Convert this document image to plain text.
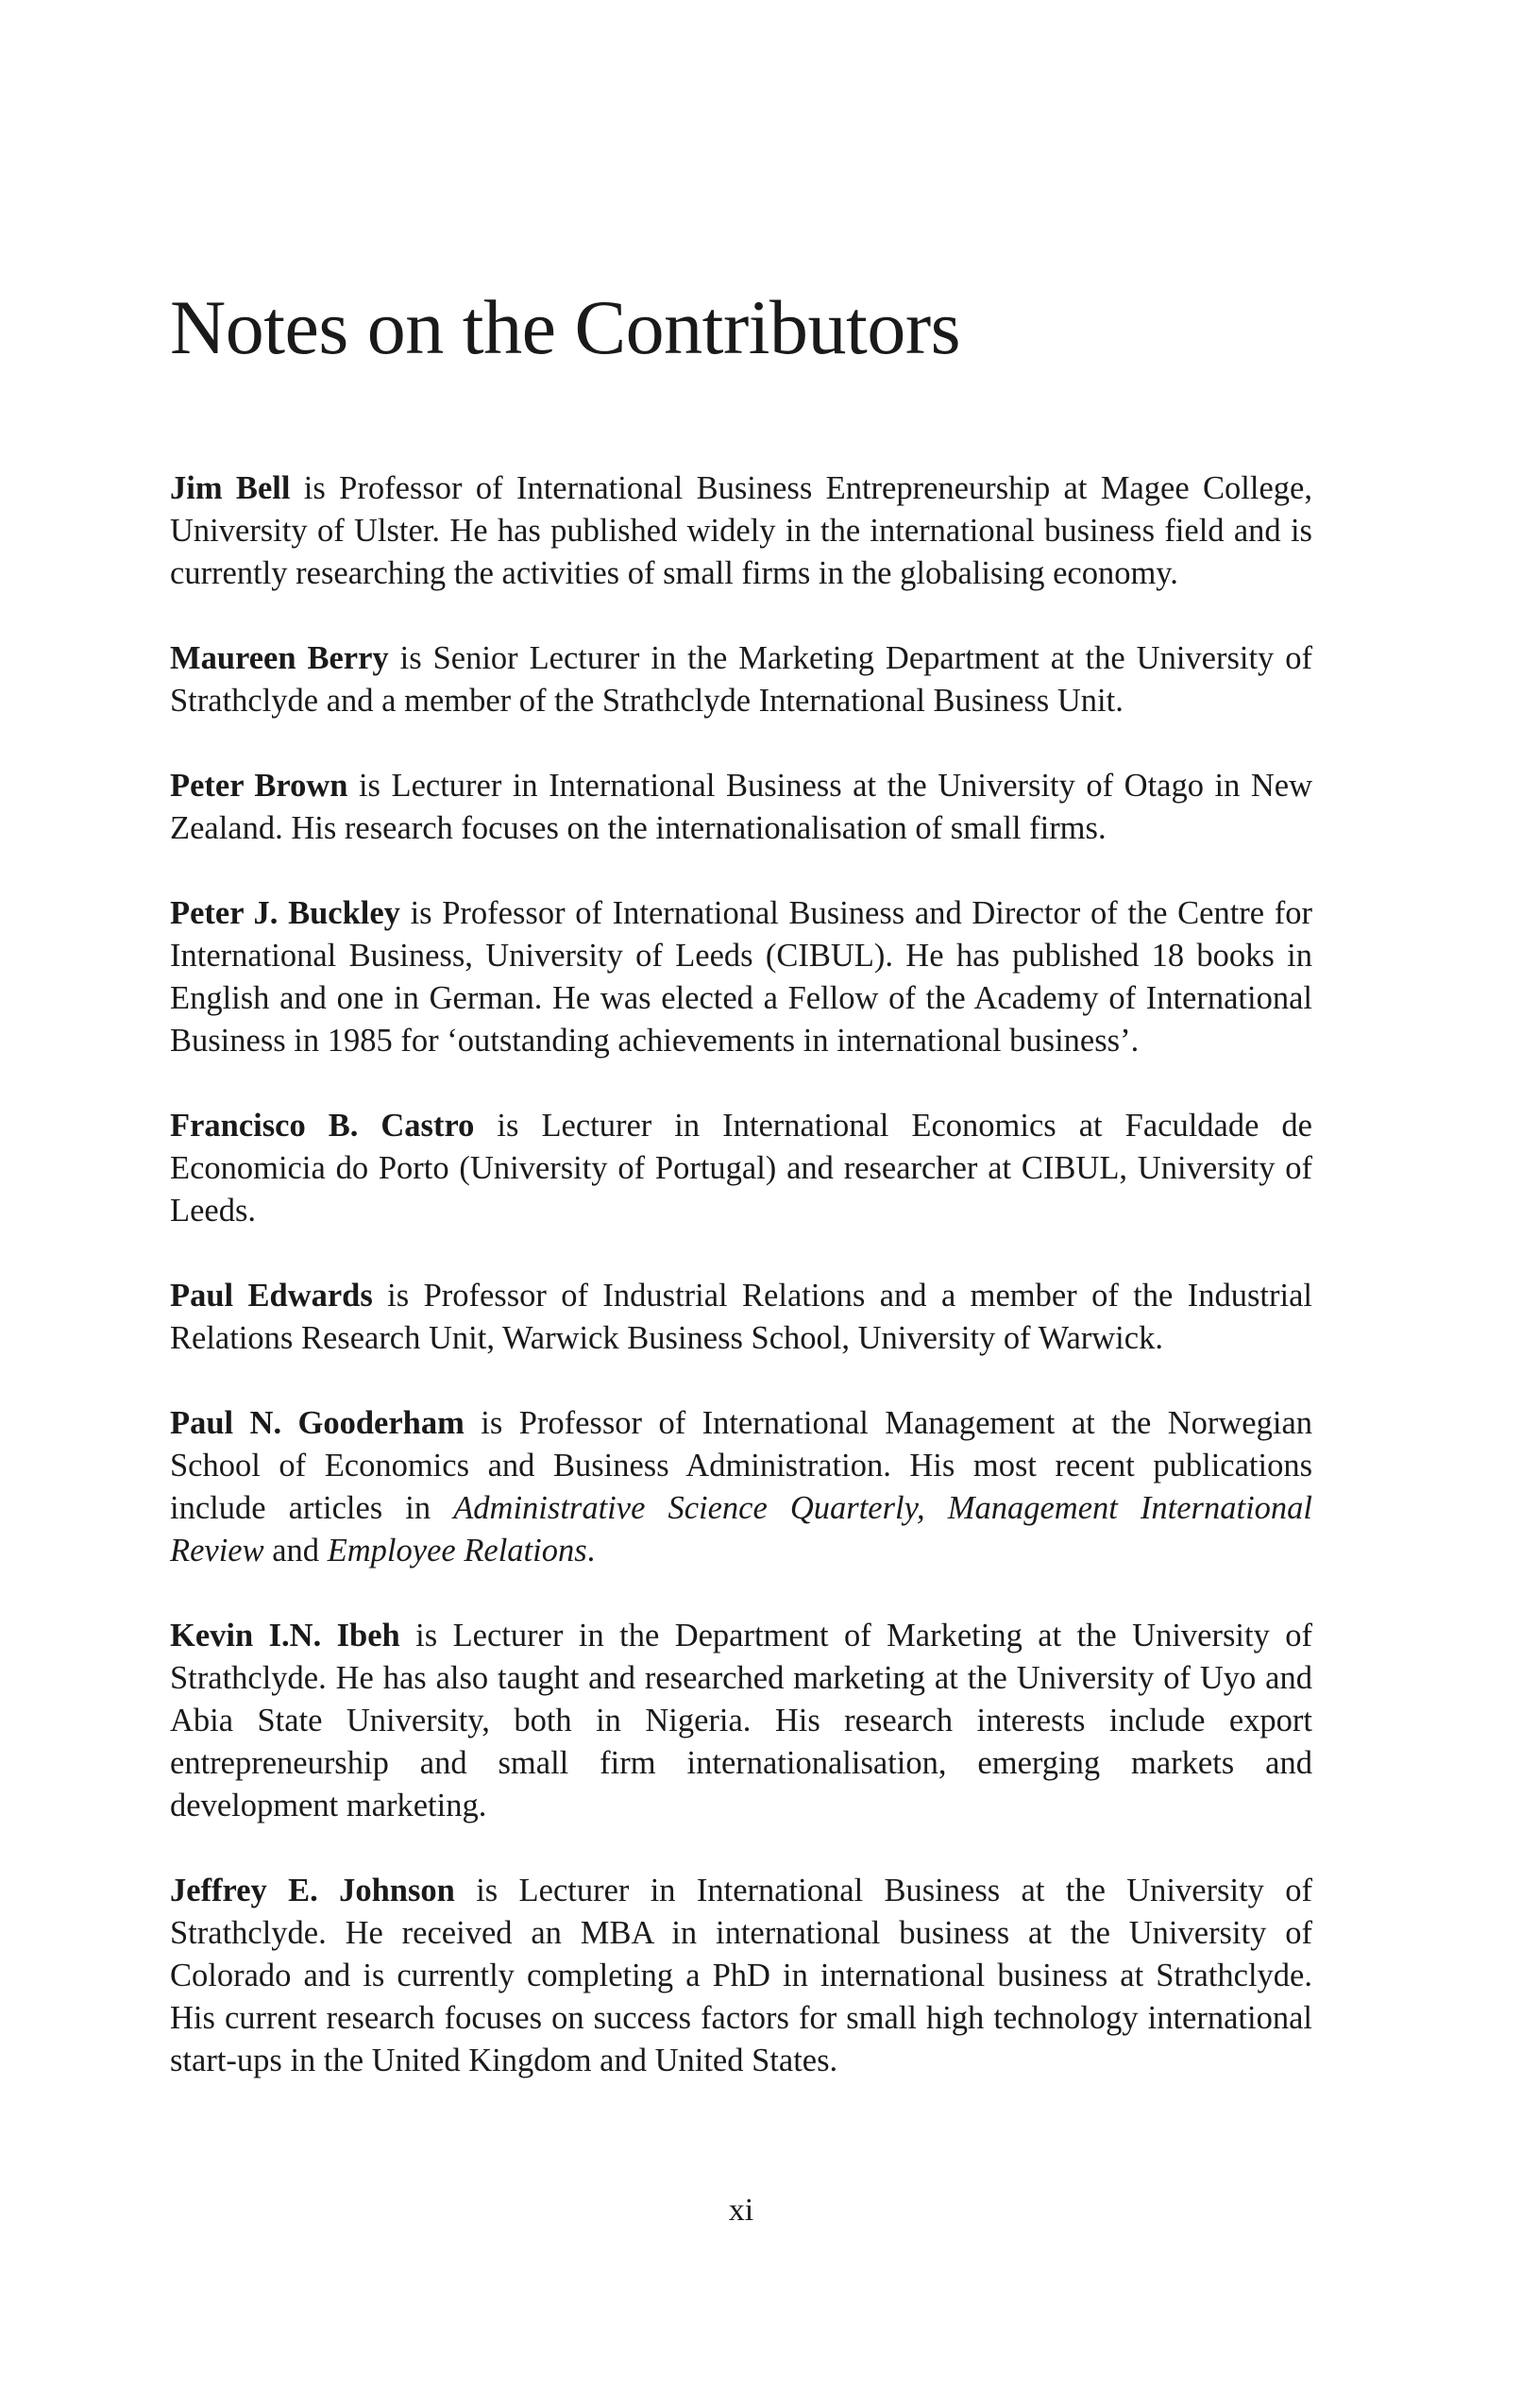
Notes on the Contributors

Jim Bell is Professor of International Business Entrepreneurship at Magee College, University of Ulster. He has published widely in the international business field and is currently researching the activities of small firms in the globalising economy.

Maureen Berry is Senior Lecturer in the Marketing Department at the University of Strathclyde and a member of the Strathclyde International Business Unit.

Peter Brown is Lecturer in International Business at the University of Otago in New Zealand. His research focuses on the internationalisation of small firms.

Peter J. Buckley is Professor of International Business and Director of the Centre for International Business, University of Leeds (CIBUL). He has published 18 books in English and one in German. He was elected a Fellow of the Academy of International Business in 1985 for ‘outstanding achievements in international business’.

Francisco B. Castro is Lecturer in International Economics at Faculdade de Economicia do Porto (University of Portugal) and researcher at CIBUL, University of Leeds.

Paul Edwards is Professor of Industrial Relations and a member of the Industrial Relations Research Unit, Warwick Business School, University of Warwick.

Paul N. Gooderham is Professor of International Management at the Norwegian School of Economics and Business Administration. His most recent publications include articles in Administrative Science Quarterly, Management International Review and Employee Relations.

Kevin I.N. Ibeh is Lecturer in the Department of Marketing at the University of Strathclyde. He has also taught and researched marketing at the University of Uyo and Abia State University, both in Nigeria. His research interests include export entrepreneurship and small firm internationalisation, emerging markets and development marketing.

Jeffrey E. Johnson is Lecturer in International Business at the University of Strathclyde. He received an MBA in international business at the University of Colorado and is currently completing a PhD in international business at Strathclyde. His current research focuses on success factors for small high technology international start-ups in the United Kingdom and United States.

xi
